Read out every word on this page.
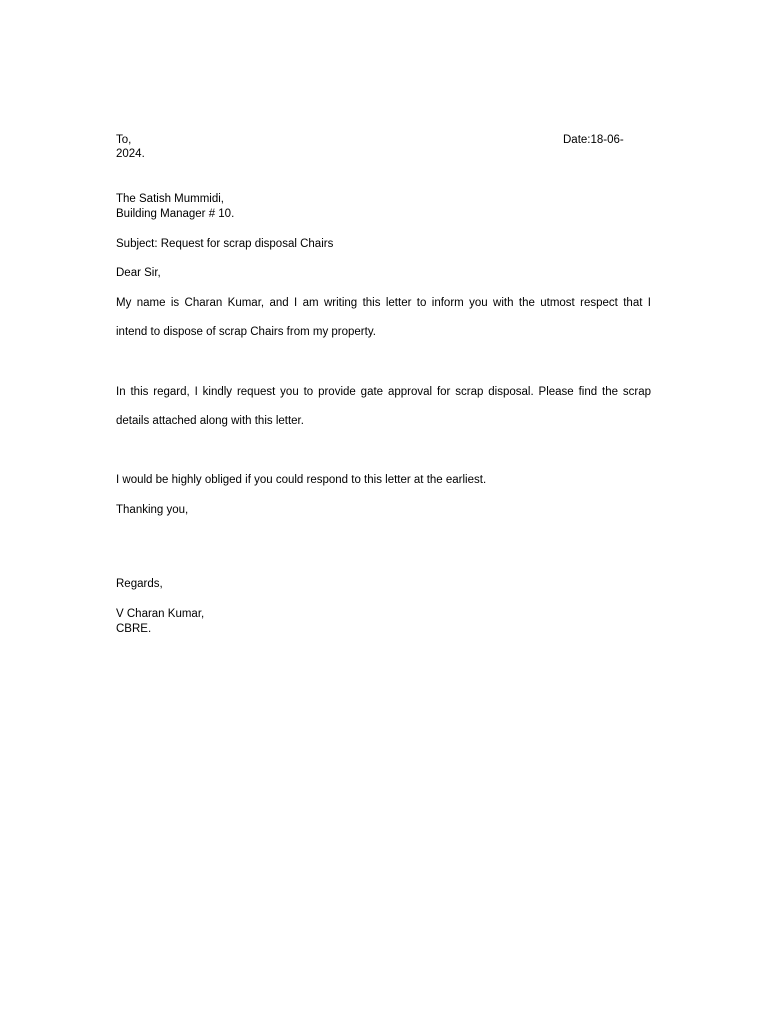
To,	Date:18-06-
2024.
The Satish Mummidi,
Building Manager # 10.
Subject: Request for scrap disposal Chairs
Dear Sir,
My name is Charan Kumar, and I am writing this letter to inform you with the utmost respect that I
intend to dispose of scrap Chairs from my property.
In this regard, I kindly request you to provide gate approval for scrap disposal. Please find the scrap
details attached along with this letter.
I would be highly obliged if you could respond to this letter at the earliest.
Thanking you,
Regards,
V Charan Kumar,
CBRE.
